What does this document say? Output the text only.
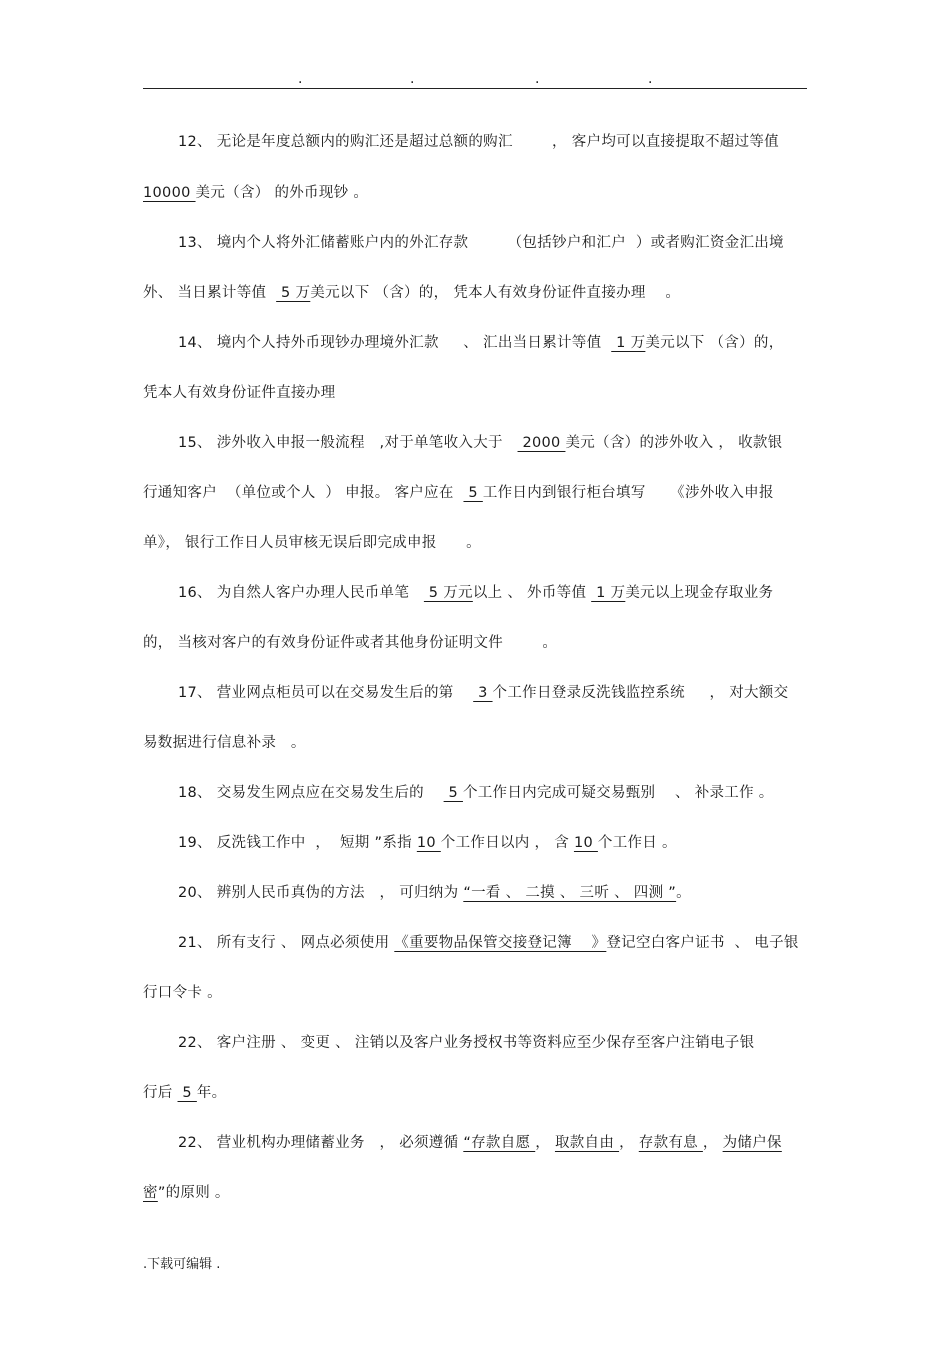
.	.	.	.
12、 无论是年度总额内的购汇还是超过总额的购汇        ， 客户均可以直接提取不超过等值
10000 美元（含） 的外币现钞 。
13、 境内个人将外汇储蓄账户内的外汇存款        （包括钞户和汇户  ）或者购汇资金汇出境
外、 当日累计等值   5 万美元以下 （含）的， 凭本人有效身份证件直接办理    。
14、 境内个人持外币现钞办理境外汇款     、 汇出当日累计等值   1 万美元以下 （含）的，
凭本人有效身份证件直接办理
15、 涉外收入申报一般流程   ,对于单笔收入大于    2000 美元（含）的涉外收入 ， 收款银
行通知客户  （单位或个人  ） 申报。 客户应在   5 工作日内到银行柜台填写     《涉外收入申报
单》， 银行工作日人员审核无误后即完成申报      。
16、 为自然人客户办理人民币单笔    5 万元以上 、 外币等值  1 万美元以上现金存取业务
的， 当核对客户的有效身份证件或者其他身份证明文件        。
17、 营业网点柜员可以在交易发生后的第     3 个工作日登录反洗钱监控系统     ， 对大额交
易数据进行信息补录   。
18、 交易发生网点应在交易发生后的     5 个工作日内完成可疑交易甄别    、 补录工作 。
19、 反洗钱工作中  ，  短期 ”系指 10 个工作日以内 ， 含 10 个工作日 。
20、 辨别人民币真伪的方法   ， 可归纳为 “一看 、 二摸 、 三听 、 四测 ”。
21、 所有支行 、 网点必须使用 《重要物品保管交接登记簿    》登记空白客户证书  、 电子银
行口令卡 。
22、 客户注册 、 变更 、 注销以及客户业务授权书等资料应至少保存至客户注销电子银
行后  5 年。
22、 营业机构办理储蓄业务   ， 必须遵循 “存款自愿 ， 取款自由 ， 存款有息 ， 为储户保
密”的原则 。
.下载可编辑 .
